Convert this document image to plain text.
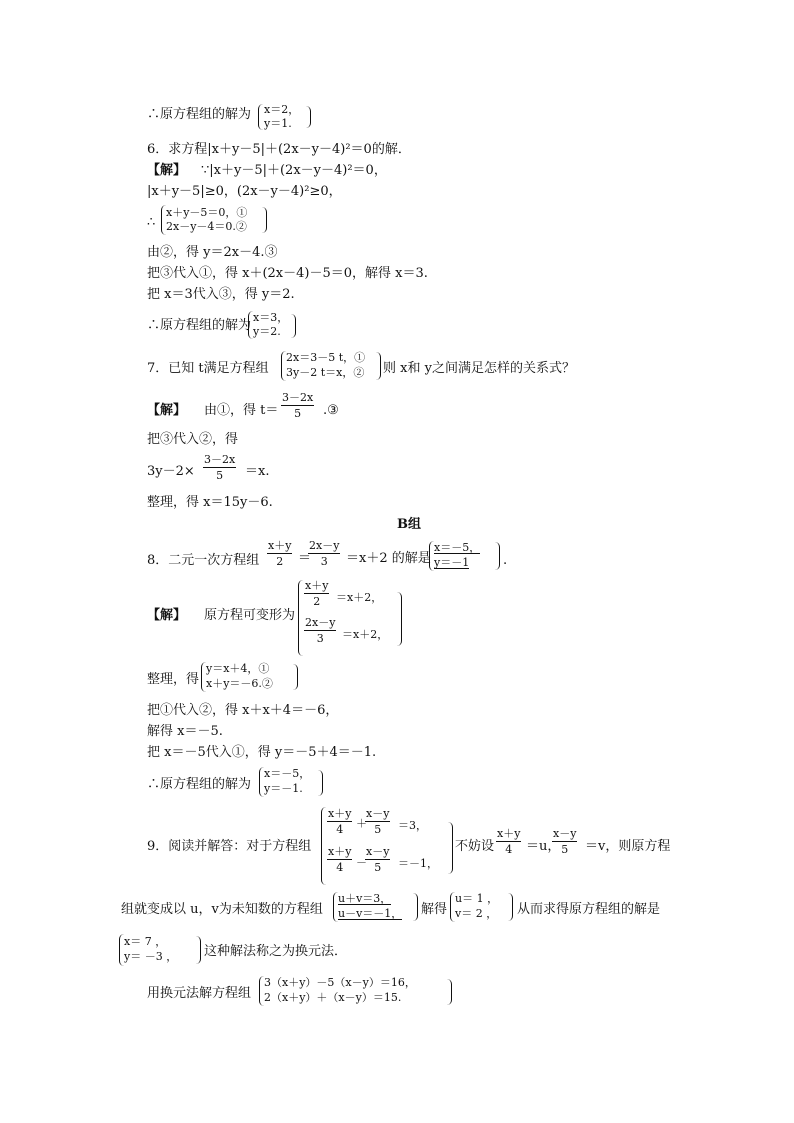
∴原方程组的解为 x＝2，
y＝1.
6．求方程|x＋y－5|＋(2x－y－4)²＝0的解．
【解】 ∵|x＋y－5|＋(2x－y－4)²＝0，
|x＋y－5|≥0，(2x－y－4)²≥0，
∴
x＋y－5＝0，①
2x－y－4＝0.②
由②，得 y＝2x－4.③
把③代入①，得 x＋(2x－4)－5＝0，解得 x＝3.
把 x＝3代入③，得 y＝2.
∴原方程组的解为
x＝3，
y＝2.
7．已知 t满足方程组
2x＝3－5 t，①
3y－2 t＝x，② 则 x和 y之间满足怎样的关系式？
【解】 由①，得 t＝
3－2x
5 .③
把③代入②，得
3y－2×
3－2x
5 ＝x.
整理，得 x＝15y－6.
B组
8．二元一次方程组
x＋y
2 ＝
2x－y
3 ＝x＋2 的解是
x＝－5，
y＝－1	.
【解】 原方程可变形为
x＋y
2 ＝x＋2，
2x－y
3 ＝x＋2，
整理，得
y＝x＋4，①
x＋y＝－6.②
把①代入②，得 x＋x＋4＝－6，
解得 x＝－5.
把 x＝－5代入①，得 y＝－5＋4＝－1.
∴原方程组的解为
x＝－5，
y＝－1.
9．阅读并解答：对于方程组
x＋y
4 ＋
x－y
5 ＝3，
x＋y
4 －
x－y
5 ＝－1，
不妨设
x＋y
4 ＝u，
x－y
5 ＝v，则原方程
组就变成以 u，v为未知数的方程组
u＋v＝3，
u－v＝－1， 解得
u＝ 1 ，
v＝ 2 ， 从而求得原方程组的解是
x＝ 7 ，
y＝ －3 ， 这种解法称之为换元法．
用换元法解方程组
3（x＋y）－5（x－y）＝16，
2（x＋y）＋（x－y）＝15.
